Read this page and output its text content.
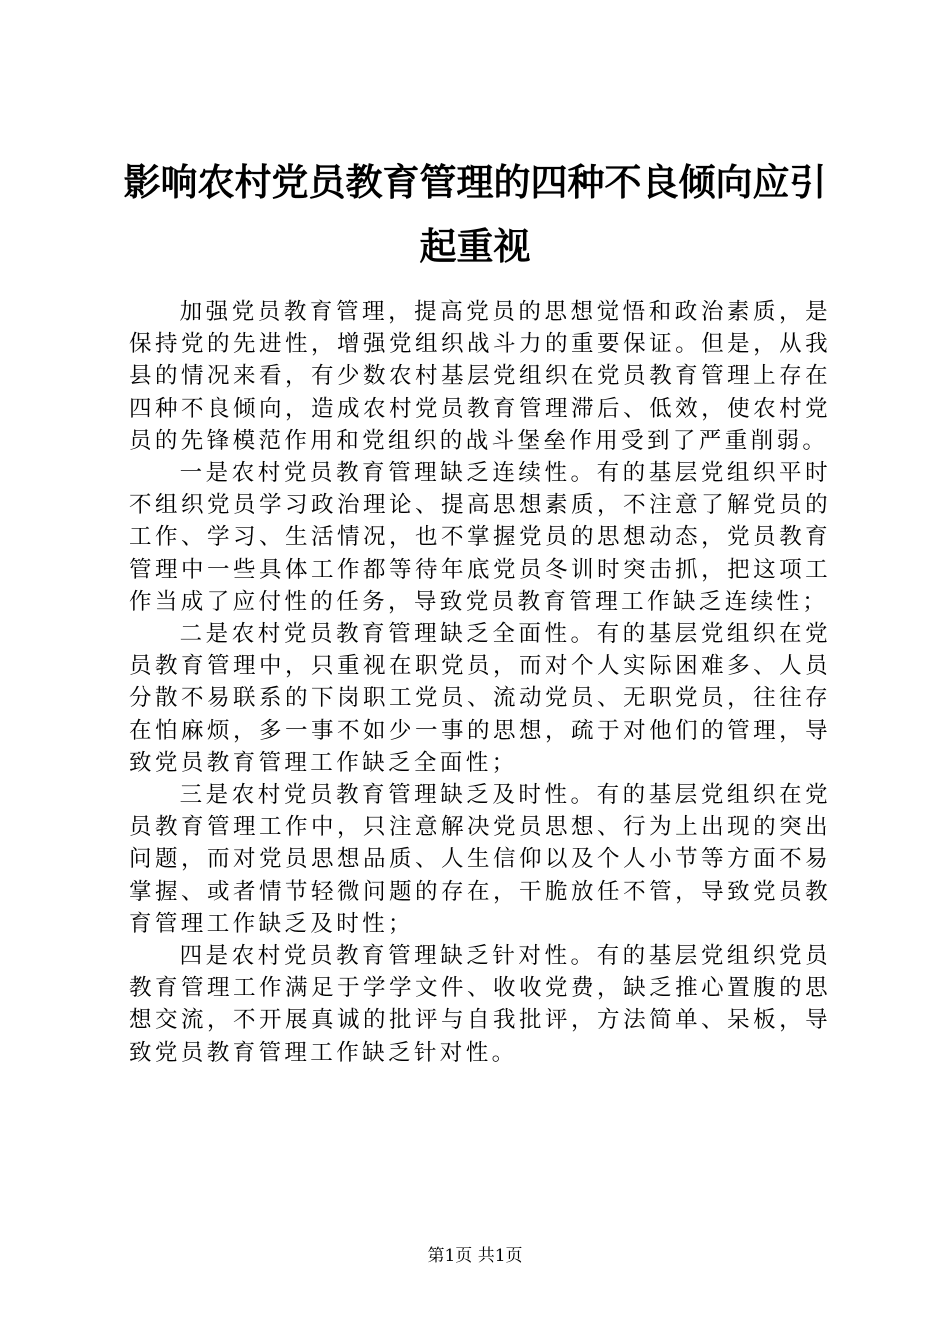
影响农村党员教育管理的四种不良倾向应引起重视

加强党员教育管理，提高党员的思想觉悟和政治素质，是保持党的先进性，增强党组织战斗力的重要保证。但是，从我县的情况来看，有少数农村基层党组织在党员教育管理上存在四种不良倾向，造成农村党员教育管理滞后、低效，使农村党员的先锋模范作用和党组织的战斗堡垒作用受到了严重削弱。

一是农村党员教育管理缺乏连续性。有的基层党组织平时不组织党员学习政治理论、提高思想素质，不注意了解党员的工作、学习、生活情况，也不掌握党员的思想动态，党员教育管理中一些具体工作都等待年底党员冬训时突击抓，把这项工作当成了应付性的任务，导致党员教育管理工作缺乏连续性；

二是农村党员教育管理缺乏全面性。有的基层党组织在党员教育管理中，只重视在职党员，而对个人实际困难多、人员分散不易联系的下岗职工党员、流动党员、无职党员，往往存在怕麻烦，多一事不如少一事的思想，疏于对他们的管理，导致党员教育管理工作缺乏全面性；

三是农村党员教育管理缺乏及时性。有的基层党组织在党员教育管理工作中，只注意解决党员思想、行为上出现的突出问题，而对党员思想品质、人生信仰以及个人小节等方面不易掌握、或者情节轻微问题的存在，干脆放任不管，导致党员教育管理工作缺乏及时性；

四是农村党员教育管理缺乏针对性。有的基层党组织党员教育管理工作满足于学学文件、收收党费，缺乏推心置腹的思想交流，不开展真诚的批评与自我批评，方法简单、呆板，导致党员教育管理工作缺乏针对性。

第1页 共1页
